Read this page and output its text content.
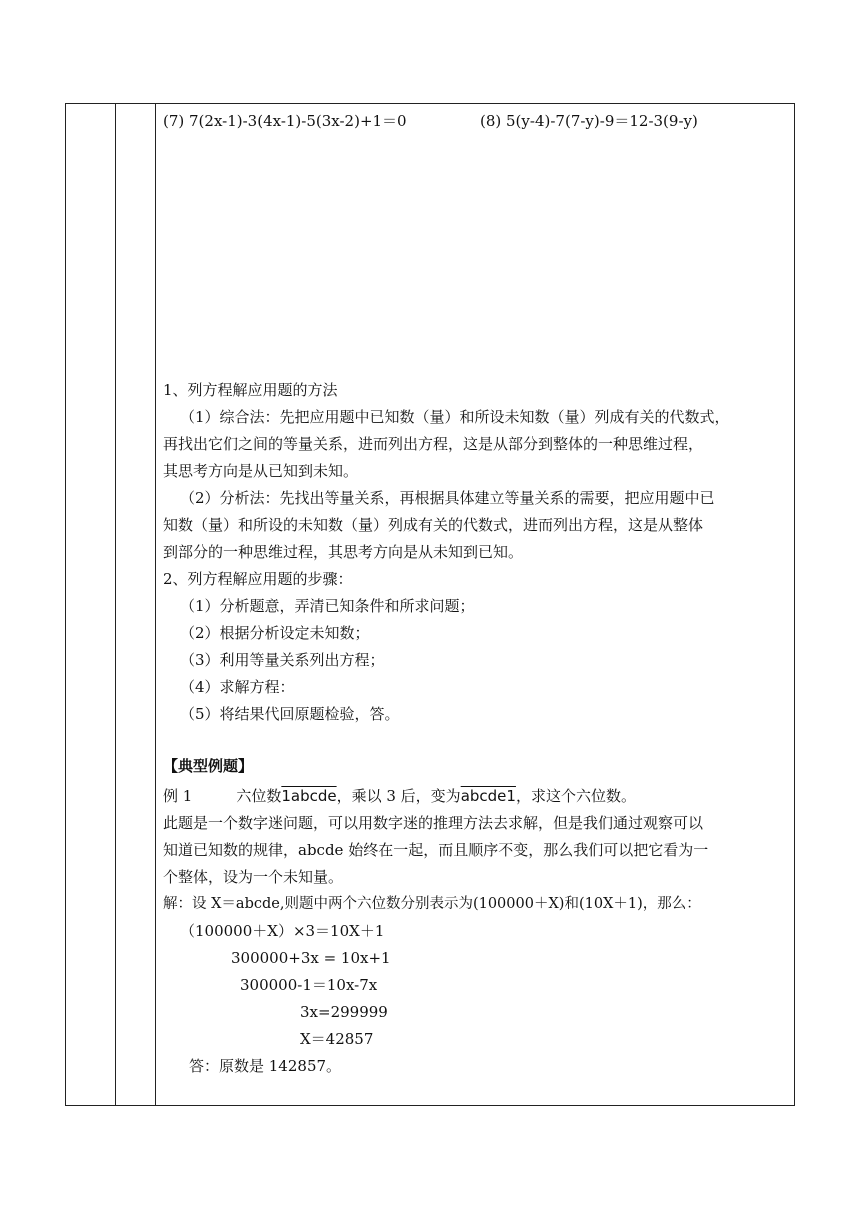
(7) 7(2x-1)-3(4x-1)-5(3x-2)+1＝0	(8) 5(y-4)-7(7-y)-9＝12-3(9-y)
1、列方程解应用题的方法
（1）综合法：先把应用题中已知数（量）和所设未知数（量）列成有关的代数式，
再找出它们之间的等量关系，进而列出方程，这是从部分到整体的一种思维过程，
其思考方向是从已知到未知。
（2）分析法：先找出等量关系，再根据具体建立等量关系的需要，把应用题中已
知数（量）和所设的未知数（量）列成有关的代数式，进而列出方程，这是从整体
到部分的一种思维过程，其思考方向是从未知到已知。
2、列方程解应用题的步骤：
（1）分析题意，弄清已知条件和所求问题；
（2）根据分析设定未知数；
（3）利用等量关系列出方程；
（4）求解方程：
（5）将结果代回原题检验，答。
【典型例题】
例 1	六位数1abcde，乘以 3 后，变为abcde1，求这个六位数。
此题是一个数字迷问题，可以用数字迷的推理方法去求解，但是我们通过观察可以
知道已知数的规律，abcde 始终在一起，而且顺序不变，那么我们可以把它看为一
个整体，设为一个未知量。
解：设 X＝abcde,则题中两个六位数分别表示为(100000＋X)和(10X＋1)，那么：
（100000＋X）×3＝10X＋1
300000+3x = 10x+1
300000-1＝10x-7x
3x=299999
X＝42857
答：原数是 142857。
